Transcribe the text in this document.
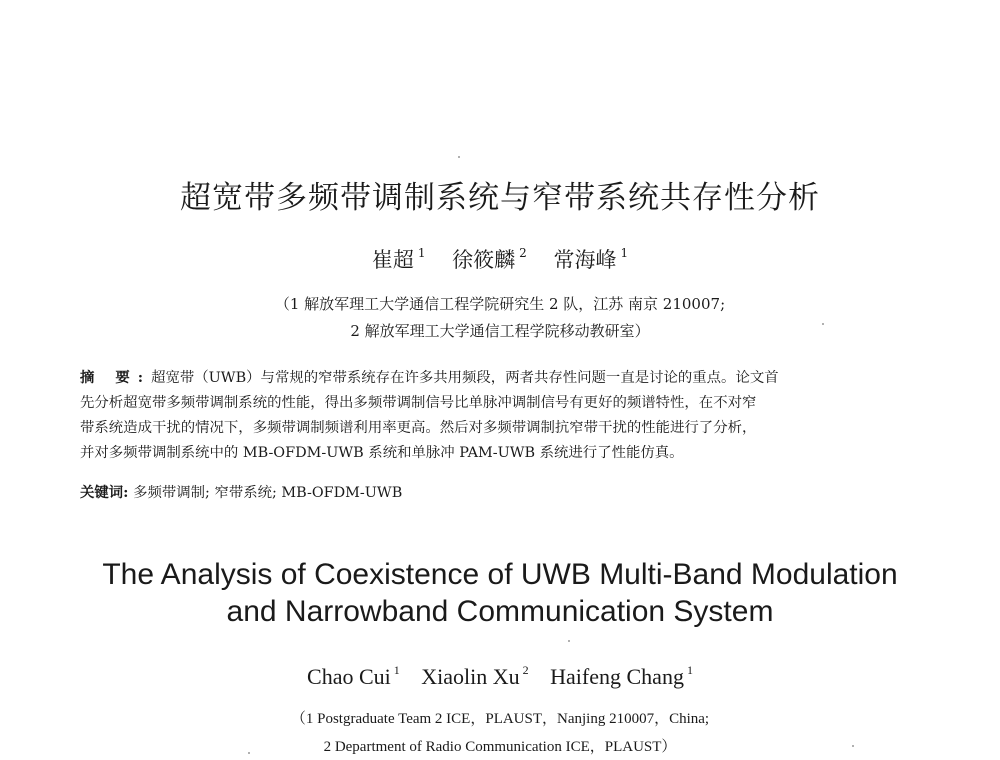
超宽带多频带调制系统与窄带系统共存性分析
崔超 $^1$ 徐筱麟 $^2$ 常海峰 $^1$
（1 解放军理工大学通信工程学院研究生 2 队，江苏 南京 210007;
2 解放军理工大学通信工程学院移动教研室）
摘 要:超宽带（UWB）与常规的窄带系统存在许多共用频段，两者共存性问题一直是讨论的重点。论文首
先分析超宽带多频带调制系统的性能，得出多频带调制信号比单脉冲调制信号有更好的频谱特性，在不对窄
带系统造成干扰的情况下，多频带调制频谱利用率更高。然后对多频带调制抗窄带干扰的性能进行了分析，
并对多频带调制系统中的 MB-OFDM-UWB 系统和单脉冲 PAM-UWB 系统进行了性能仿真。
关键词: 多频带调制; 窄带系统; MB-OFDM-UWB
The Analysis of Coexistence of UWB Multi-Band Modulation
and Narrowband Communication System
Chao Cui $^1$ Xiaolin Xu $^2$ Haifeng Chang $^1$
（1 Postgraduate Team 2 ICE，PLAUST，Nanjing 210007，China;
2 Department of Radio Communication ICE，PLAUST）
